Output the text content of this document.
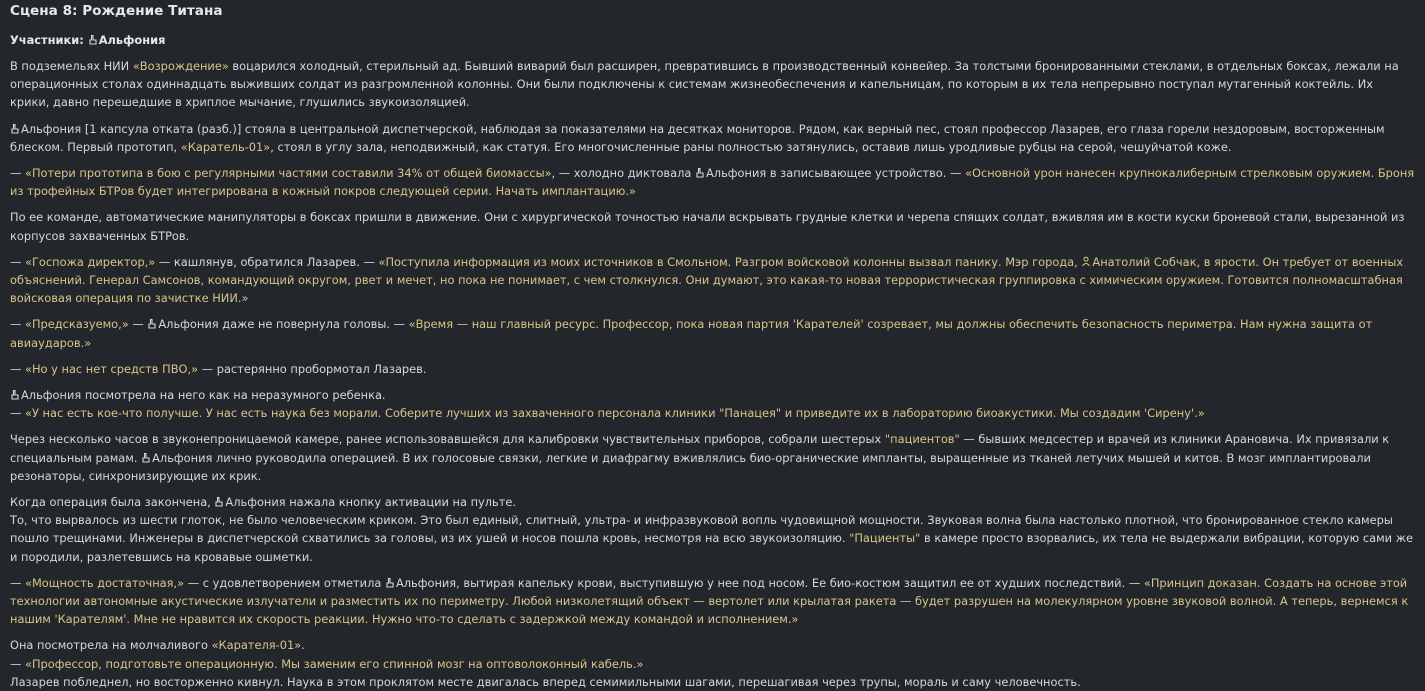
Сцена 8: Рождение Титана
Участники: Альфония

В подземельях НИИ «Возрождение» воцарился холодный, стерильный ад. Бывший виварий был расширен, превратившись в производственный конвейер. За толстыми бронированными стеклами, в отдельных боксах, лежали на операционных столах одиннадцать выживших солдат из разгромленной колонны. Они были подключены к системам жизнеобеспечения и капельницам, по которым в их тела непрерывно поступал мутагенный коктейль. Их крики, давно перешедшие в хриплое мычание, глушились звукоизоляцией.

Альфония [1 капсула отката (разб.)] стояла в центральной диспетчерской, наблюдая за показателями на десятках мониторов. Рядом, как верный пес, стоял профессор Лазарев, его глаза горели нездоровым, восторженным блеском. Первый прототип, «Каратель-01», стоял в углу зала, неподвижный, как статуя. Его многочисленные раны полностью затянулись, оставив лишь уродливые рубцы на серой, чешуйчатой коже.

— «Потери прототипа в бою с регулярными частями составили 34% от общей биомассы», — холодно диктовала
Альфония в записывающее устройство. — «Основной урон нанесен крупнокалиберным стрелковым оружием. Броня из трофейных БТРов будет интегрирована в кожный покров следующей серии. Начать имплантацию.»

По ее команде, автоматические манипуляторы в боксах пришли в движение. Они с хирургической точностью начали вскрывать грудные клетки и черепа спящих солдат, вживляя им в кости куски броневой стали, вырезанной из корпусов захваченных БТРов.

— «Госпожа директор,» — кашлянув, обратился Лазарев. — «Поступила информация из моих источников в Смольном. Разгром войсковой колонны вызвал панику. Мэр города,
Анатолий Собчак, в ярости. Он требует от военных объяснений. Генерал Самсонов, командующий округом, рвет и мечет, но пока не понимает, с чем столкнулся. Они думают, это какая-то новая террористическая группировка с химическим оружием. Готовится полномасштабная войсковая операция по зачистке НИИ.»

— «Предсказуемо,» —
Альфония даже не повернула головы. — «Время — наш главный ресурс. Профессор, пока новая партия 'Карателей' созревает, мы должны обеспечить безопасность периметра. Нам нужна защита от авиаударов.»

— «Но у нас нет средств ПВО,» — растерянно пробормотал Лазарев.

Альфония посмотрела на него как на неразумного ребенка.
— «У нас есть кое-что получше. У нас есть наука без морали. Соберите лучших из захваченного персонала клиники "Панацея" и приведите их в лабораторию биоакустики. Мы создадим 'Сирену'.»

Через несколько часов в звуконепроницаемой камере, ранее использовавшейся для калибровки чувствительных приборов, собрали шестерых "пациентов" — бывших медсестер и врачей из клиники Арановича. Их привязали к специальным рамам.
Альфония лично руководила операцией. В их голосовые связки, легкие и диафрагму вживлялись био-органические импланты, выращенные из тканей летучих мышей и китов. В мозг имплантировали резонаторы, синхронизирующие их крик.

Когда операция была закончена,
Альфония нажала кнопку активации на пульте.
То, что вырвалось из шести глоток, не было человеческим криком. Это был единый, слитный, ультра- и инфразвуковой вопль чудовищной мощности. Звуковая волна была настолько плотной, что бронированное стекло камеры пошло трещинами. Инженеры в диспетчерской схватились за головы, из их ушей и носов пошла кровь, несмотря на всю звукоизоляцию. "Пациенты" в камере просто взорвались, их тела не выдержали вибрации, которую сами же и породили, разлетевшись на кровавые ошметки.

— «Мощность достаточная,» — с удовлетворением отметила
Альфония, вытирая капельку крови, выступившую у нее под носом. Ее био-костюм защитил ее от худших последствий. — «Принцип доказан. Создать на основе этой технологии автономные акустические излучатели и разместить их по периметру. Любой низколетящий объект — вертолет или крылатая ракета — будет разрушен на молекулярном уровне звуковой волной. А теперь, вернемся к нашим 'Карателям'. Мне не нравится их скорость реакции. Нужно что-то сделать с задержкой между командой и исполнением.»

Она посмотрела на молчаливого «Карателя-01».
— «Профессор, подготовьте операционную. Мы заменим его спинной мозг на оптоволоконный кабель.»
Лазарев побледнел, но восторженно кивнул. Наука в этом проклятом месте двигалась вперед семимильными шагами, перешагивая через трупы, мораль и саму человечность.
